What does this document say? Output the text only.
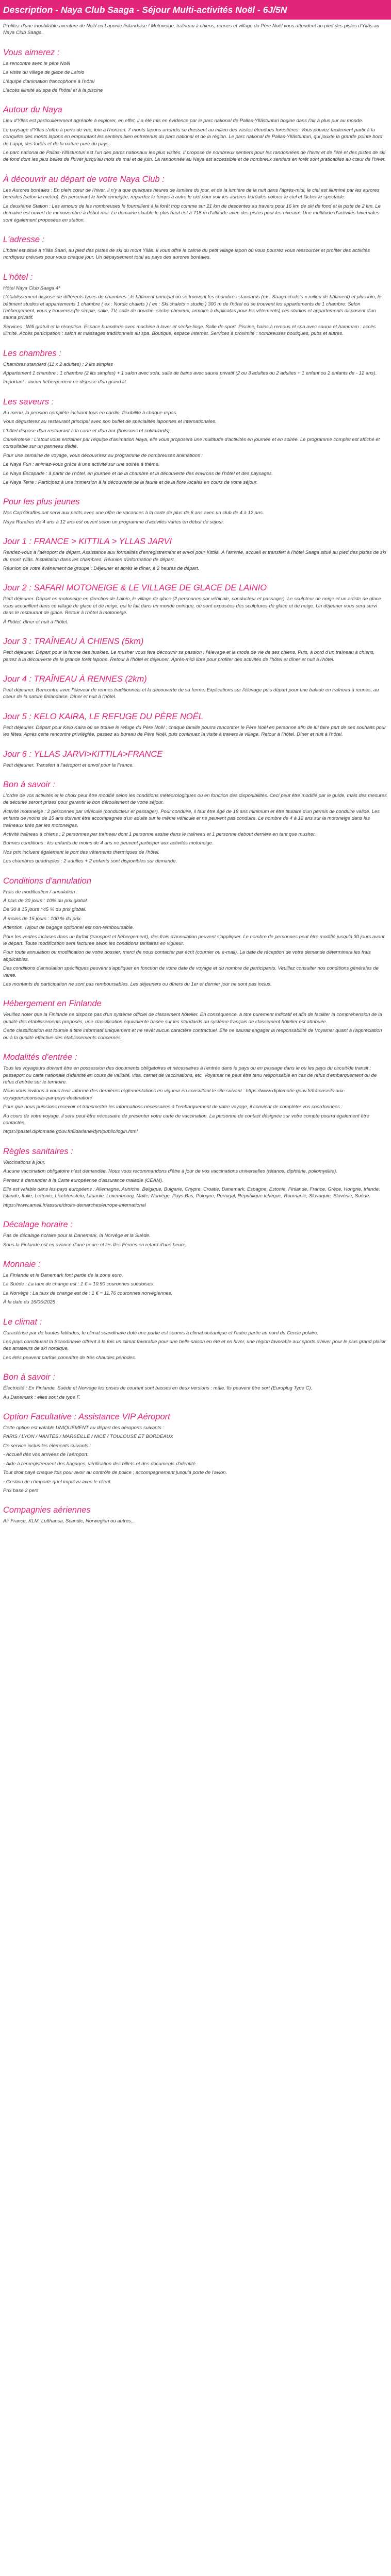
Description - Naya Club Saaga - Séjour Multi-activités Noël - 6J/5N

Profitez d'une inoubliable aventure de Noël en Laponie finlandaise ! Motoneige, traîneau à chiens, rennes et village du Père Noël vous attendent au pied des pistes d'Ylläs au Naya Club Saaga.

Vous aimerez :

La rencontre avec le père Noël

La visite du village de glace de Lainio

L'équipe d'animation francophone à l'hôtel

L'accès illimité au spa de l'hôtel et à la piscine

Autour du Naya

Lieu d'Ylläs est particulièrement agréable à explorer, en effet, il a été mis en évidence par le parc national de Pallas-Yllästunturi bogine dans l'air à plus pur au monde.

Le paysage d'Ylläs s'offre à perte de vue, loin à l'horizon. 7 monts lapons arrondis se dressent au milieu des vastes étendues forestières. Vous pouvez facilement partir à la conquête des monts lapons en empruntant les sentiers bien entretenus du parc national et de la région. Le parc national de Pallas-Yllästunturi, qui jouxte la grande pointe bord de Lappi, des forêts et de la nature pure du pays.

Le parc national de Pallas-Yllästunturi est l'un des parcs nationaux les plus visités. Il propose de nombreux sentiers pour les randonnées de l'hiver et de l'été et des pistes de ski de fond dont les plus belles de l'hiver jusqu'au mois de mai et de juin. La randonnée au Naya est accessible et de nombreux sentiers en forêt sont praticables au cœur de l'hiver.

À découvrir au départ de votre Naya Club :

Les Aurores boréales : En plein cœur de l'hiver, il n'y a que quelques heures de lumière du jour, et de la lumière de la nuit dans l'après-midi, le ciel est illuminé par les aurores boréales (selon la météo). En percevant le forêt enneigée, regardez le temps à autre le ciel pour voir les aurores boréales colorer le ciel et lâcher le spectacle.

La deuxième Station : Les amours de les nombreuses le fourmillent à la forêt trop comme sur 21 km de descentes au travers pour 16 km de ski de fond et la piste de 2 km. Le domaine est ouvert de mi-novembre à début mai. Le domaine skiable le plus haut est à 718 m d'altitude avec des pistes pour les niveaux. Une multitude d'activités hivernales sont également proposées en station.

L'adresse :

L'hôtel est situé à Ylläs Saari, au pied des pistes de ski du mont Ylläs. Il vous offre le calme du petit village lapon où vous pourrez vous ressourcer et profiter des activités nordiques prévues pour vous chaque jour. Un dépaysement total au pays des aurores boréales.

L'hôtel :

Hôtel Naya Club Saaga 4*

L'établissement dispose de différents types de chambres : le bâtiment principal où se trouvent les chambres standards (ex : Saaga chalets « milieu de bâtiment) et plus loin, le bâtiment studios et appartements 1 chambre ( ex : Nordic chalets ) ( ex : Ski chalets « studio ) 300 m de l'hôtel où se trouvent les appartements de 1 chambre. Selon l'hébergement, vous y trouverez (le simple, salle, TV, salle de douche, sèche-cheveux, armoire à duplicatas pour les vêtements) ces studios et appartements disposent d'un sauna privatif.

Services : Wifi gratuit et la réception. Espace buanderie avec machine à laver et sèche-linge. Salle de sport. Piscine, bains à remous et spa avec sauna et hammam : accès illimité. Accès participation : salon et massages traditionnels au spa. Boutique, espace Internet. Services à proximité : nombreuses boutiques, pubs et autres.

Les chambres :

Chambres standard (11 x 2 adultes) : 2 lits simples

Appartement 1 chambre : 1 chambre (2 lits simples) + 1 salon avec sofa, salle de bains avec sauna privatif (2 ou 3 adultes ou 2 adultes + 1 enfant ou 2 enfants de - 12 ans).

Important : aucun hébergement ne dispose d'un grand lit.

Les saveurs :

Au menu, la pension complète incluant tous en cardio, flexibilité à chaque repas.

Vous dégusterez au restaurant principal avec son buffet de spécialités laponnes et internationales.

L'hôtel dispose d'un restaurant à la carte et d'un bar (boissons et coktailards).

Caméroterie : L'atout vous entraîner par l'équipe d'animation Naya, elle vous proposera une multitude d'activités en journée et en soirée. Le programme complet est affiché et consultable sur un panneau dédié.

Pour une semaine de voyage, vous découvrirez au programme de nombreuses animations :

Le Naya Fun : animez-vous grâce à une activité sur une soirée à thème.

Le Naya Escapade : à partir de l'hôtel, en journée et de la chambre et la découverte des environs de l'hôtel et des paysages.

Le Naya Terre : Participez à une immersion à la découverte de la faune et de la flore locales en cours de votre séjour.

Pour les plus jeunes

Nos Cap'Giraffes ont servi aux petits avec une offre de vacances à la carte de plus de 6 ans avec un club de 4 à 12 ans.

Naya Ruralres de 4 ans à 12 ans est ouvert selon un programme d'activités varies en début de séjour.

Jour 1 : FRANCE > KITTILA > YLLAS JARVI

Rendez-vous à l'aéroport de départ. Assistance aux formalités d'enregistrement et envol pour Kittilä. À l'arrivée, accueil et transfert à l'hôtel Saaga situé au pied des pistes de ski du mont Ylläs. Installation dans les chambres. Réunion d'information de départ.

Réunion de votre événement de groupe : Déjeuner et après le dîner, à 2 heures de départ.

Jour 2 : SAFARI MOTONEIGE & LE VILLAGE DE GLACE DE LAINIO

Petit déjeuner. Départ en motoneige en direction de Lainio, le village de glace (2 personnes par véhicule, conducteur et passager). Le sculpteur de neige et un artiste de glace vous accueillent dans ce village de glace et de neige, qui le fait dans un monde onirique, où sont exposées des sculptures de glace et de neige. Un déjeuner vous sera servi dans le restaurant de glace. Retour à l'hôtel à motoneige.

À l'hôtel, dîner et nuit à l'hôtel.

Jour 3 : TRAÎNEAU À CHIENS (5km)

Petit déjeuner. Départ pour la ferme des huskies. Le musher vous fera découvrir sa passion : l'élevage et la mode de vie de ses chiens. Puis, à bord d'un traîneau à chiens, partez à la découverte de la grande forêt lapone. Retour à l'hôtel et déjeuner. Après-midi libre pour profiter des activités de l'hôtel et dîner et nuit à l'hôtel.

Jour 4 : TRAÎNEAU À RENNES (2km)

Petit déjeuner. Rencontre avec l'éleveur de rennes traditionnels et la découverte de sa ferme. Explications sur l'élevage puis départ pour une balade en traîneau à rennes, au coeur de la nature finlandaise. Dîner et nuit à l'hôtel.

Jour 5 : KELO KAIRA, LE REFUGE DU PÈRE NOËL

Petit déjeuner. Départ pour Kelo Kaira où se trouve le refuge du Père Noël : chaque famille pourra rencontrer le Père Noël en personne afin de lui faire part de ses souhaits pour les fêtes. Après cette rencontre privilégiée, passez au bureau de Père Noël, puis continuez la visite à travers le village. Retour à l'hôtel. Dîner et nuit à l'hôtel.

Jour 6 : YLLAS JARVI>KITTILA>FRANCE

Petit déjeuner. Transfert à l'aéroport et envol pour la France.

Bon à savoir :

L'ordre de vos activités et le choix peut être modifié selon les conditions météorologiques ou en fonction des disponibilités. Ceci peut être modifié par le guide, mais des mesures de sécurité seront prises pour garantir le bon déroulement de votre séjour.

Activité motoneige : 2 personnes par véhicule (conducteur et passager). Pour conduire, il faut être âgé de 18 ans minimum et être titulaire d'un permis de conduire valide. Les enfants de moins de 15 ans doivent être accompagnés d'un adulte sur le même véhicule et ne peuvent pas conduire. Le nombre de 4 à 12 ans sur la motoneige dans les traîneaux tirés par les motoneiges.

Activité traîneau à chiens : 2 personnes par traîneau dont 1 personne assise dans le traîneau et 1 personne debout derrière en tant que musher.

Bonnes conditions : les enfants de moins de 4 ans ne peuvent participer aux activités motoneige.

Nos prix incluent également le port des vêtements thermiques de l'hôtel.

Les chambres quadruples : 2 adultes + 2 enfants sont disponibles sur demande.

Conditions d'annulation

Frais de modification / annulation :

À plus de 30 jours : 10% du prix global.

De 30 à 15 jours : 45 % du prix global.

À moins de 15 jours : 100 % du prix.

Attention, l'ajout de bagage optionnel est non-remboursable.

Pour les ventes incluses dans un forfait (transport et hébergement), des frais d'annulation peuvent s'appliquer. Le nombre de personnes peut être modifié jusqu'à 30 jours avant le départ. Toute modification sera facturée selon les conditions tarifaires en vigueur.

Pour toute annulation ou modification de votre dossier, merci de nous contacter par écrit (courrier ou e-mail). La date de réception de votre demande déterminera les frais applicables.

Des conditions d'annulation spécifiques peuvent s'appliquer en fonction de votre date de voyage et du nombre de participants. Veuillez consulter nos conditions générales de vente.

Les montants de participation ne sont pas remboursables. Les déjeuners ou dîners du 1er et dernier jour ne sont pas inclus.

Hébergement en Finlande

Veuillez noter que la Finlande ne dispose pas d'un système officiel de classement hôtelier. En conséquence, à titre purement indicatif et afin de faciliter la compréhension de la qualité des établissements proposés, une classification équivalente basée sur les standards du système français de classement hôtelier est attribuée.

Cette classification est fournie à titre informatif uniquement et ne revêt aucun caractère contractuel. Elle ne saurait engager la responsabilité de Voyamar quant à l'appréciation ou à la qualité effective des établissements concernés.

Modalités d'entrée :

Tous les voyageurs doivent être en possession des documents obligatoires et nécessaires à l'entrée dans le pays ou en passage dans le ou les pays du circuit/de transit : passeport ou carte nationale d'identité en cours de validité, visa, carnet de vaccinations, etc. Voyamar ne peut être tenu responsable en cas de refus d'embarquement ou de refus d'entrée sur le territoire.

Nous vous invitons à vous tenir informé des dernières réglementations en vigueur en consultant le site suivant : https://www.diplomatie.gouv.fr/fr/conseils-aux-voyageurs/conseils-par-pays-destination/

Pour que nous puissions recevoir et transmettre les informations nécessaires à l'embarquement de votre voyage, il convient de compléter vos coordonnées :

Au cours de votre voyage, il sera peut-être nécessaire de présenter votre carte de vaccination. La personne de contact désignée sur votre compte pourra également être contactée.

https://pastel.diplomatie.gouv.fr/fildariane/dyn/public/login.html

Règles sanitaires :

Vaccinations à jour.

Aucune vaccination obligatoire n'est demandée. Nous vous recommandons d'être à jour de vos vaccinations universelles (tétanos, diphtérie, poliomyélite).

Pensez à demander à la Carte européenne d'assurance maladie (CEAM).

Elle est valable dans les pays européens : Allemagne, Autriche, Belgique, Bulgarie, Chypre, Croatie, Danemark, Espagne, Estonie, Finlande, France, Grèce, Hongrie, Irlande, Islande, Italie, Lettonie, Liechtenstein, Lituanie, Luxembourg, Malte, Norvège, Pays-Bas, Pologne, Portugal, République tchèque, Roumanie, Slovaquie, Slovénie, Suède.

https://www.ameli.fr/assure/droits-demarches/europe-international

Décalage horaire :

Pas de décalage horaire pour la Danemark, la Norvège et la Suède.

Sous la Finlande est en avance d'une heure et les îles Féroés en retard d'une heure.

Monnaie :

La Finlande et le Danemark font partie de la zone euro.

La Suède : La taux de change est : 1 € = 10.90 couronnes suédoises.

La Norvège : La taux de change est de : 1 € = 11.76 couronnes norvégiennes.

À la date du 16/05/2025

Le climat :

Caractérisé par de hautes latitudes, le climat scandinave doté une partie est soumis à climat océanique et l'autre partie au nord du Cercle polaire.

Les pays constituant la Scandinavie offrent à la fois un climat favorable pour une belle saison en été et en hiver, une région favorable aux sports d'hiver pour le plus grand plaisir des amateurs de ski nordique.

Les étés peuvent parfois connaître de très chaudes périodes.

Bon à savoir :

Électricité : En Finlande, Suède et Norvège les prises de courant sont basses en deux versions : mâle. Ils peuvent être sort (Europlug Type C).

Au Danemark : elles sont de type F.

Option Facultative : Assistance VIP Aéroport

Cette option est valable UNIQUEMENT au départ des aéroports suivants :

PARIS / LYON / NANTES / MARSEILLE / NICE / TOULOUSE ET BORDEAUX

Ce service inclus les éléments suivants :

- Accueil dès vos arrivées de l'aéroport.

- Aide à l'enregistrement des bagages, vérification des billets et des documents d'identité.

Tout droit payé chaque fois pour avoir au contrôle de police ; accompagnement jusqu'à porte de l'avion.

- Gestion de n'importe quel imprévu avec le client.

Prix base 2 pers

Compagnies aériennes

Air France, KLM, Lufthansa, Scandic, Norwegian ou autres...
